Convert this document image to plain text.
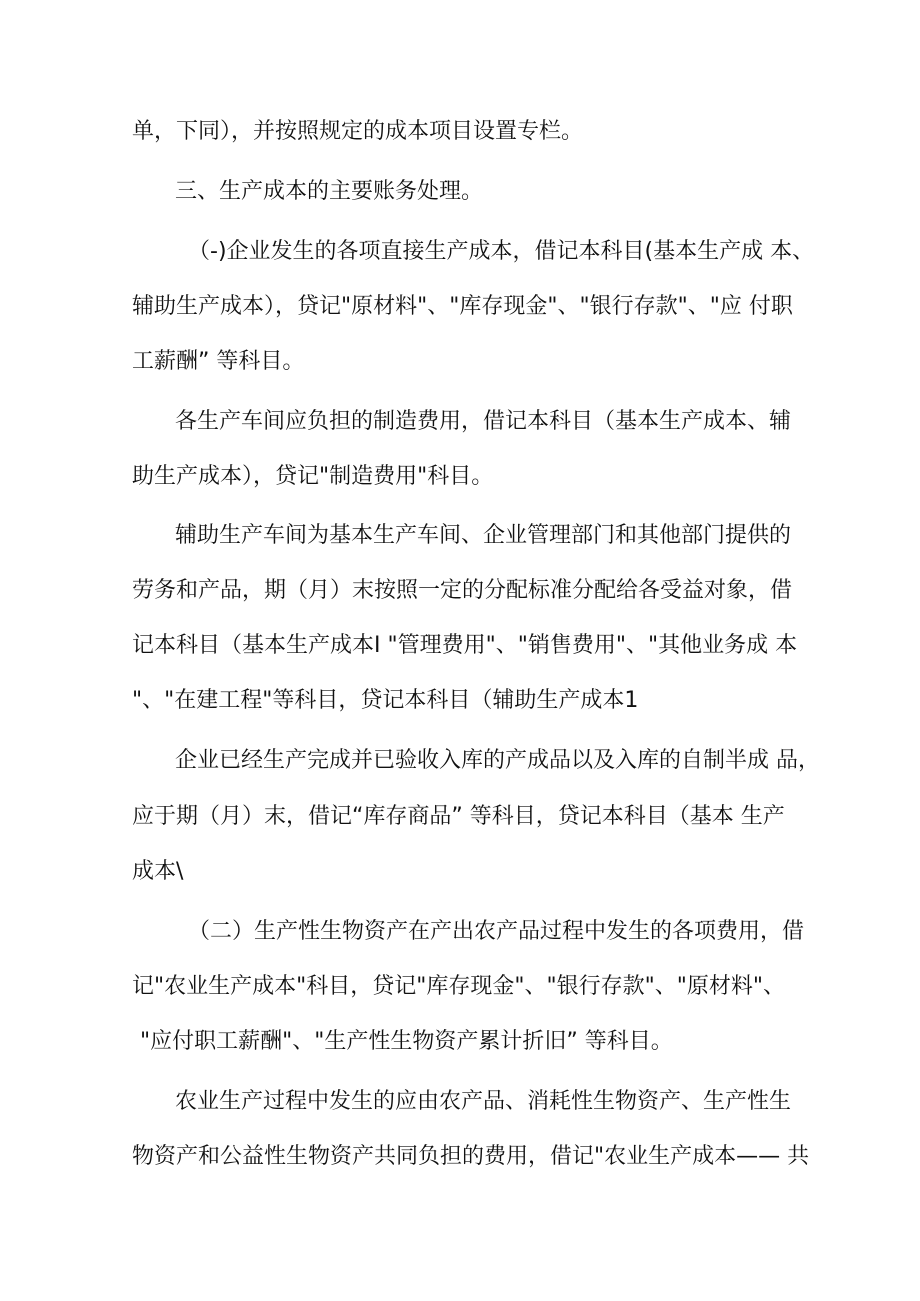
单，下同），并按照规定的成本项目设置专栏。
三、生产成本的主要账务处理。
（-)企业发生的各项直接生产成本，借记本科目(基本生产成 本、
辅助生产成本），贷记"原材料"、"库存现金"、"银行存款"、"应 付职
工薪酬” 等科目。
各生产车间应负担的制造费用，借记本科目（基本生产成本、辅
助生产成本），贷记"制造费用"科目。
辅助生产车间为基本生产车间、企业管理部门和其他部门提供的
劳务和产品，期（月）末按照一定的分配标准分配给各受益对象，借
记本科目（基本生产成本I "管理费用"、"销售费用"、"其他业务成 本
"、"在建工程"等科目，贷记本科目（辅助生产成本1
企业已经生产完成并已验收入库的产成品以及入库的自制半成 品，
应于期（月）末，借记“库存商品” 等科目，贷记本科目（基本 生产
成本\
（二）生产性生物资产在产出农产品过程中发生的各项费用，借
记"农业生产成本"科目，贷记"库存现金"、"银行存款"、"原材料"、
"应付职工薪酬"、"生产性生物资产累计折旧” 等科目。
农业生产过程中发生的应由农产品、消耗性生物资产、生产性生
物资产和公益性生物资产共同负担的费用，借记"农业生产成本—— 共
